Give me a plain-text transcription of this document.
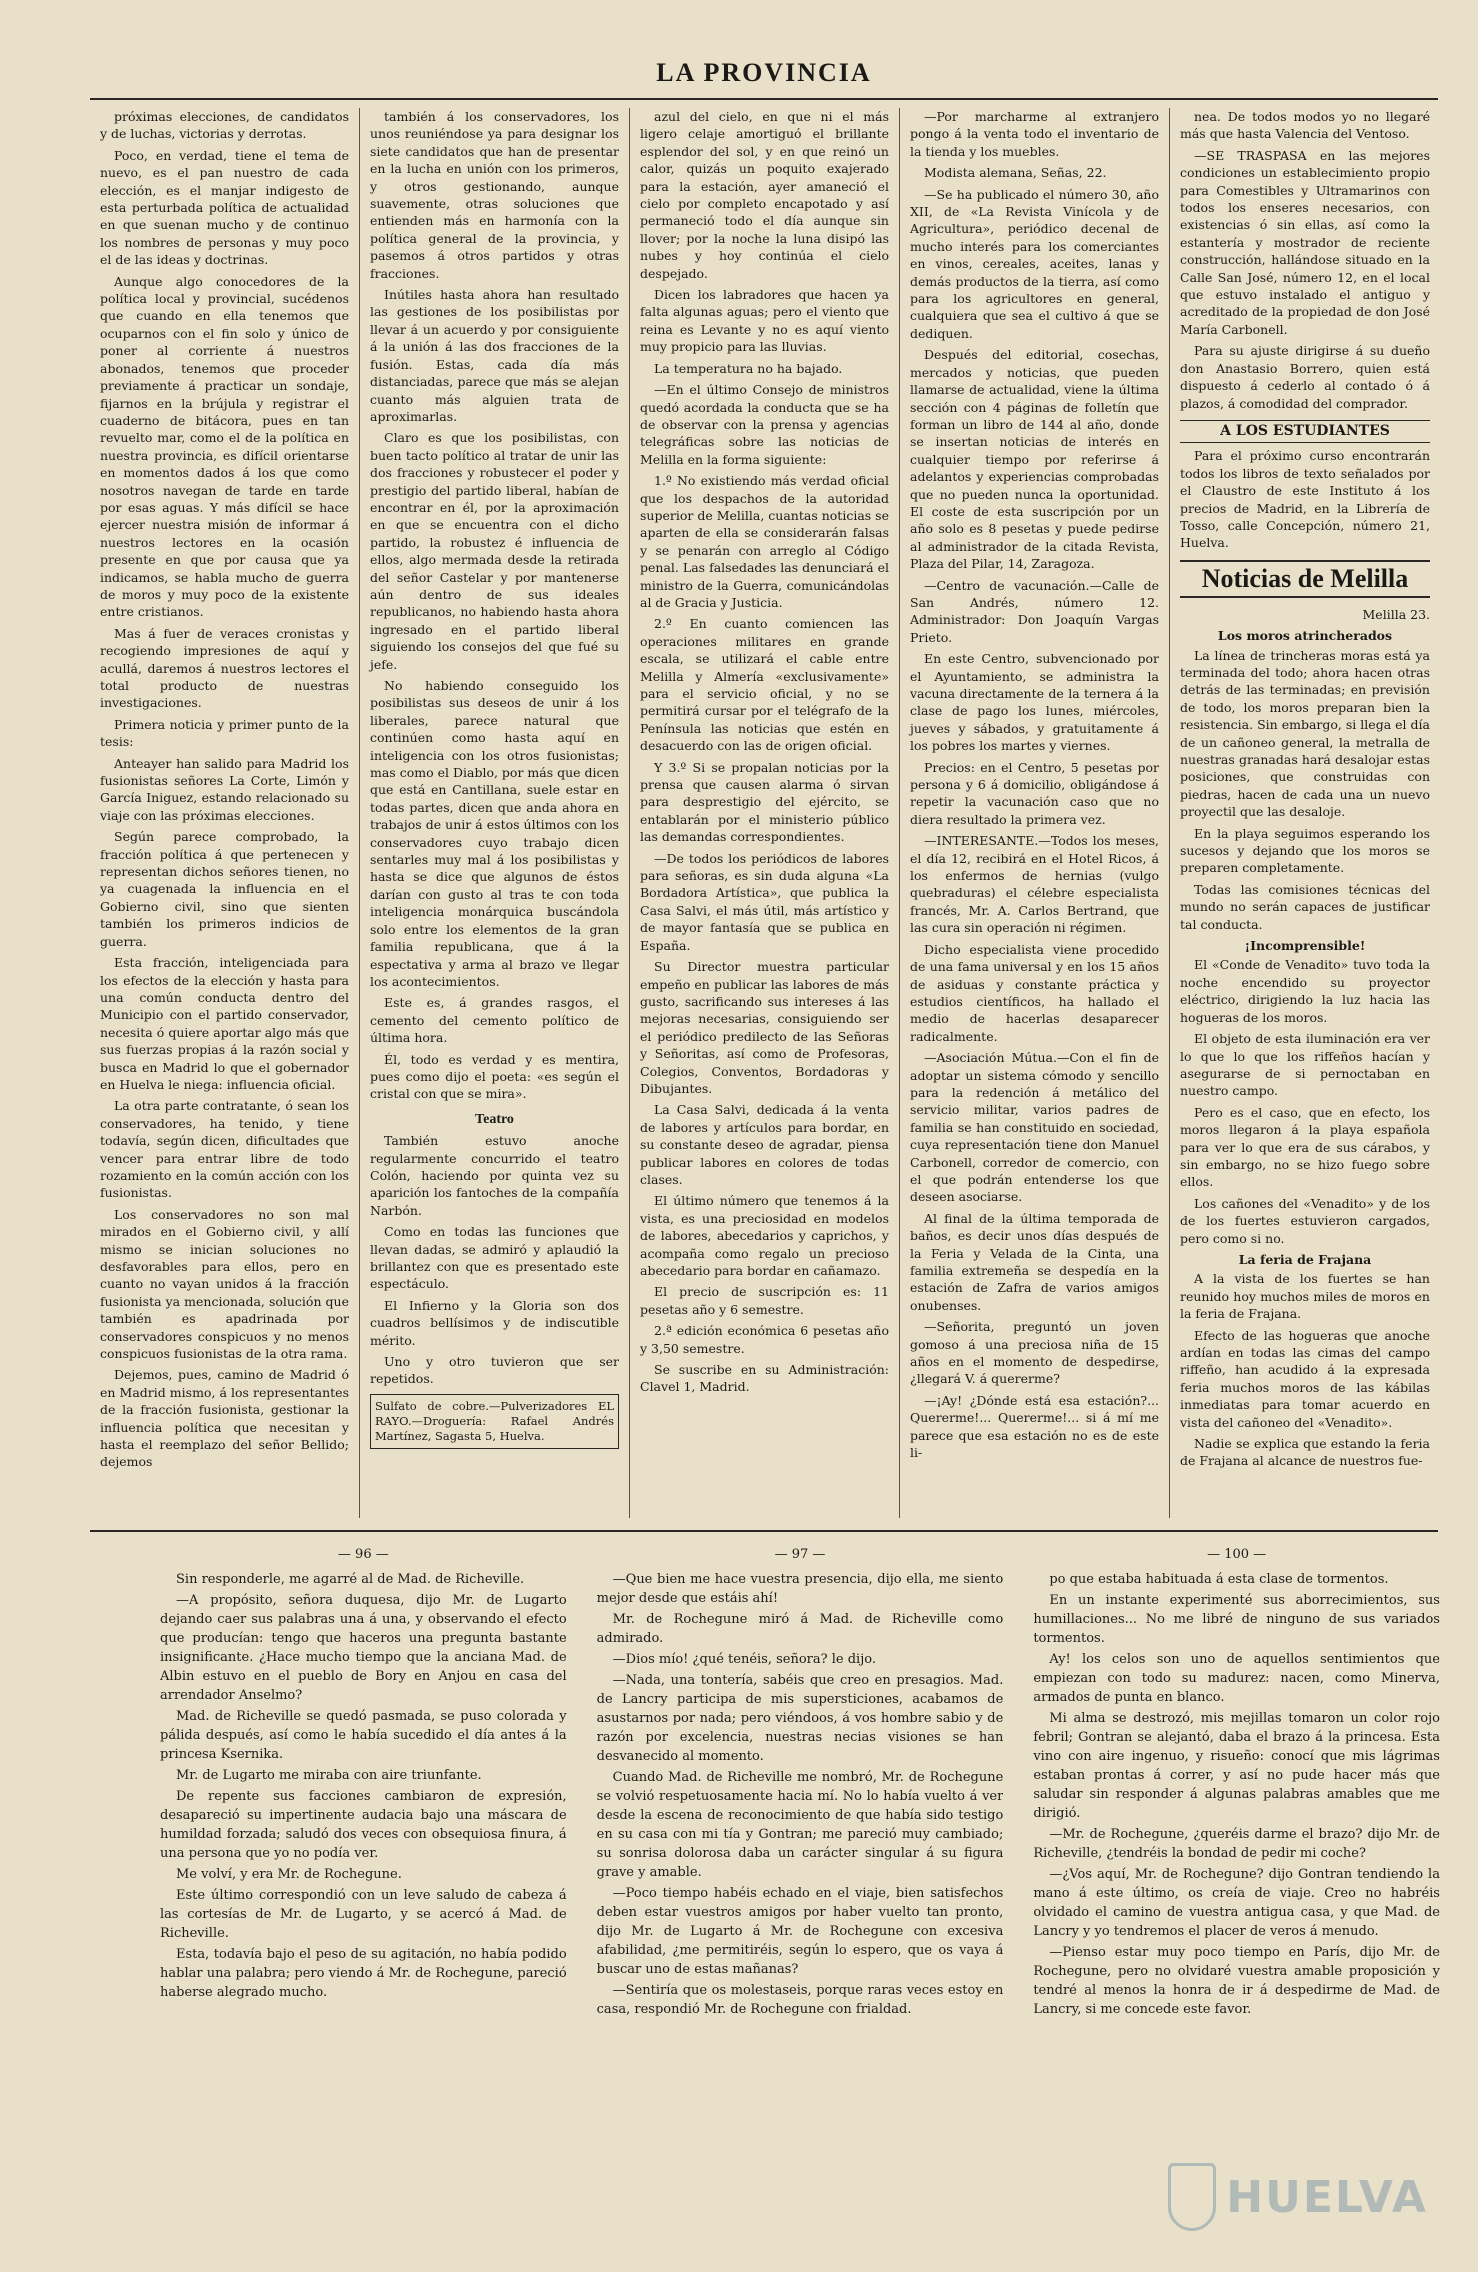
LA PROVINCIA

próximas elecciones, de candidatos y de luchas, victorias y derrotas.

Poco, en verdad, tiene el tema de nuevo, es el pan nuestro de cada elección, es el manjar indigesto de esta perturbada política de actualidad en que suenan mucho y de continuo los nombres de personas y muy poco el de las ideas y doctrinas.

Aunque algo conocedores de la política local y provincial, sucédenos que cuando en ella tenemos que ocuparnos con el fin solo y único de poner al corriente á nuestros abonados, tenemos que proceder previamente á practicar un sondaje, fijarnos en la brújula y registrar el cuaderno de bitácora, pues en tan revuelto mar, como el de la política en nuestra provincia, es difícil orientarse en momentos dados á los que como nosotros navegan de tarde en tarde por esas aguas. Y más difícil se hace ejercer nuestra misión de informar á nuestros lectores en la ocasión presente en que por causa que ya indicamos, se habla mucho de guerra de moros y muy poco de la existente entre cristianos.

Mas á fuer de veraces cronistas y recogiendo impresiones de aquí y acullá, daremos á nuestros lectores el total producto de nuestras investigaciones.

Primera noticia y primer punto de la tesis:

Anteayer han salido para Madrid los fusionistas señores La Corte, Limón y García Iniguez, estando relacionado su viaje con las próximas elecciones.

Según parece comprobado, la fracción política á que pertenecen y representan dichos señores tienen, no ya cuagenada la influencia en el Gobierno civil, sino que sienten también los primeros indicios de guerra.

Esta fracción, inteligenciada para los efectos de la elección y hasta para una común conducta dentro del Municipio con el partido conservador, necesita ó quiere aportar algo más que sus fuerzas propias á la razón social y busca en Madrid lo que el gobernador en Huelva le niega: influencia oficial.

La otra parte contratante, ó sean los conservadores, ha tenido, y tiene todavía, según dicen, dificultades que vencer para entrar libre de todo rozamiento en la común acción con los fusionistas.

Los conservadores no son mal mirados en el Gobierno civil, y allí mismo se inician soluciones no desfavorables para ellos, pero en cuanto no vayan unidos á la fracción fusionista ya mencionada, solución que también es apadrinada por conservadores conspicuos y no menos conspicuos fusionistas de la otra rama.

Dejemos, pues, camino de Madrid ó en Madrid mismo, á los representantes de la fracción fusionista, gestionar la influencia política que necesitan y hasta el reemplazo del señor Bellido; dejemos

también á los conservadores, los unos reuniéndose ya para designar los siete candidatos que han de presentar en la lucha en unión con los primeros, y otros gestionando, aunque suavemente, otras soluciones que entienden más en harmonía con la política general de la provincia, y pasemos á otros partidos y otras fracciones.

Inútiles hasta ahora han resultado las gestiones de los posibilistas por llevar á un acuerdo y por consiguiente á la unión á las dos fracciones de la fusión. Estas, cada día más distanciadas, parece que más se alejan cuanto más alguien trata de aproximarlas.

Claro es que los posibilistas, con buen tacto político al tratar de unir las dos fracciones y robustecer el poder y prestigio del partido liberal, habían de encontrar en él, por la aproximación en que se encuentra con el dicho partido, la robustez é influencia de ellos, algo mermada desde la retirada del señor Castelar y por mantenerse aún dentro de sus ideales republicanos, no habiendo hasta ahora ingresado en el partido liberal siguiendo los consejos del que fué su jefe.

No habiendo conseguido los posibilistas sus deseos de unir á los liberales, parece natural que continúen como hasta aquí en inteligencia con los otros fusionistas; mas como el Diablo, por más que dicen que está en Cantillana, suele estar en todas partes, dicen que anda ahora en trabajos de unir á estos últimos con los conservadores cuyo trabajo dicen sentarles muy mal á los posibilistas y hasta se dice que algunos de éstos darían con gusto al tras te con toda inteligencia monárquica buscándola solo entre los elementos de la gran familia republicana, que á la espectativa y arma al brazo ve llegar los acontecimientos.

Este es, á grandes rasgos, el cemento del cemento político de última hora.

Él, todo es verdad y es mentira, pues como dijo el poeta: «es según el cristal con que se mira».

Teatro

También estuvo anoche regularmente concurrido el teatro Colón, haciendo por quinta vez su aparición los fantoches de la compañía Narbón.

Como en todas las funciones que llevan dadas, se admiró y aplaudió la brillantez con que es presentado este espectáculo.

El Infierno y la Gloria son dos cuadros bellísimos y de indiscutible mérito.

Uno y otro tuvieron que ser repetidos.

Sulfato de cobre.—Pulverizadores EL RAYO.—Droguería: Rafael Andrés Martínez, Sagasta 5, Huelva.

azul del cielo, en que ni el más ligero celaje amortiguó el brillante esplendor del sol, y en que reinó un calor, quizás un poquito exajerado para la estación, ayer amaneció el cielo por completo encapotado y así permaneció todo el día aunque sin llover; por la noche la luna disipó las nubes y hoy continúa el cielo despejado.

Dicen los labradores que hacen ya falta algunas aguas; pero el viento que reina es Levante y no es aquí viento muy propicio para las lluvias.

La temperatura no ha bajado.

—En el último Consejo de ministros quedó acordada la conducta que se ha de observar con la prensa y agencias telegráficas sobre las noticias de Melilla en la forma siguiente:

1.º No existiendo más verdad oficial que los despachos de la autoridad superior de Melilla, cuantas noticias se aparten de ella se considerarán falsas y se penarán con arreglo al Código penal. Las falsedades las denunciará el ministro de la Guerra, comunicándolas al de Gracia y Justicia.

2.º En cuanto comiencen las operaciones militares en grande escala, se utilizará el cable entre Melilla y Almería «exclusivamente» para el servicio oficial, y no se permitirá cursar por el telégrafo de la Península las noticias que estén en desacuerdo con las de origen oficial.

Y 3.º Si se propalan noticias por la prensa que causen alarma ó sirvan para desprestigio del ejército, se entablarán por el ministerio público las demandas correspondientes.

—De todos los periódicos de labores para señoras, es sin duda alguna «La Bordadora Artística», que publica la Casa Salvi, el más útil, más artístico y de mayor fantasía que se publica en España.

Su Director muestra particular empeño en publicar las labores de más gusto, sacrificando sus intereses á las mejoras necesarias, consiguiendo ser el periódico predilecto de las Señoras y Señoritas, así como de Profesoras, Colegios, Conventos, Bordadoras y Dibujantes.

La Casa Salvi, dedicada á la venta de labores y artículos para bordar, en su constante deseo de agradar, piensa publicar labores en colores de todas clases.

El último número que tenemos á la vista, es una preciosidad en modelos de labores, abecedarios y caprichos, y acompaña como regalo un precioso abecedario para bordar en cañamazo.

El precio de suscripción es: 11 pesetas año y 6 semestre.

2.ª edición económica 6 pesetas año y 3,50 semestre.

Se suscribe en su Administración: Clavel 1, Madrid.

—Por marcharme al extranjero pongo á la venta todo el inventario de la tienda y los muebles.

Modista alemana, Señas, 22.

—Se ha publicado el número 30, año XII, de «La Revista Vinícola y de Agricultura», periódico decenal de mucho interés para los comerciantes en vinos, cereales, aceites, lanas y demás productos de la tierra, así como para los agricultores en general, cualquiera que sea el cultivo á que se dediquen.

Después del editorial, cosechas, mercados y noticias, que pueden llamarse de actualidad, viene la última sección con 4 páginas de folletín que forman un libro de 144 al año, donde se insertan noticias de interés en cualquier tiempo por referirse á adelantos y experiencias comprobadas que no pueden nunca la oportunidad. El coste de esta suscripción por un año solo es 8 pesetas y puede pedirse al administrador de la citada Revista, Plaza del Pilar, 14, Zaragoza.

—Centro de vacunación.—Calle de San Andrés, número 12. Administrador: Don Joaquín Vargas Prieto.

En este Centro, subvencionado por el Ayuntamiento, se administra la vacuna directamente de la ternera á la clase de pago los lunes, miércoles, jueves y sábados, y gratuitamente á los pobres los martes y viernes.

Precios: en el Centro, 5 pesetas por persona y 6 á domicilio, obligándose á repetir la vacunación caso que no diera resultado la primera vez.

—INTERESANTE.—Todos los meses, el día 12, recibirá en el Hotel Ricos, á los enfermos de hernias (vulgo quebraduras) el célebre especialista francés, Mr. A. Carlos Bertrand, que las cura sin operación ni régimen.

Dicho especialista viene procedido de una fama universal y en los 15 años de asiduas y constante práctica y estudios científicos, ha hallado el medio de hacerlas desaparecer radicalmente.

—Asociación Mútua.—Con el fin de adoptar un sistema cómodo y sencillo para la redención á metálico del servicio militar, varios padres de familia se han constituido en sociedad, cuya representación tiene don Manuel Carbonell, corredor de comercio, con el que podrán entenderse los que deseen asociarse.

Al final de la última temporada de baños, es decir unos días después de la Feria y Velada de la Cinta, una familia extremeña se despedía en la estación de Zafra de varios amigos onubenses.

—Señorita, preguntó un joven gomoso á una preciosa niña de 15 años en el momento de despedirse, ¿llegará V. á quererme?

—¡Ay! ¿Dónde está esa estación?... Quererme!... Quererme!... si á mí me parece que esa estación no es de este li-

nea. De todos modos yo no llegaré más que hasta Valencia del Ventoso.

—SE TRASPASA en las mejores condiciones un establecimiento propio para Comestibles y Ultramarinos con todos los enseres necesarios, con existencias ó sin ellas, así como la estantería y mostrador de reciente construcción, hallándose situado en la Calle San José, número 12, en el local que estuvo instalado el antiguo y acreditado de la propiedad de don José María Carbonell.

Para su ajuste dirigirse á su dueño don Anastasio Borrero, quien está dispuesto á cederlo al contado ó á plazos, á comodidad del comprador.

A LOS ESTUDIANTES

Para el próximo curso encontrarán todos los libros de texto señalados por el Claustro de este Instituto á los precios de Madrid, en la Librería de Tosso, calle Concepción, número 21, Huelva.

Noticias de Melilla

Melilla 23.

Los moros atrincherados

La línea de trincheras moras está ya terminada del todo; ahora hacen otras detrás de las terminadas; en previsión de todo, los moros preparan bien la resistencia. Sin embargo, si llega el día de un cañoneo general, la metralla de nuestras granadas hará desalojar estas posiciones, que construidas con piedras, hacen de cada una un nuevo proyectil que las desaloje.

En la playa seguimos esperando los sucesos y dejando que los moros se preparen completamente.

Todas las comisiones técnicas del mundo no serán capaces de justificar tal conducta.

¡Incomprensible!

El «Conde de Venadito» tuvo toda la noche encendido su proyector eléctrico, dirigiendo la luz hacia las hogueras de los moros.

El objeto de esta iluminación era ver lo que lo que los riffeños hacían y asegurarse de si pernoctaban en nuestro campo.

Pero es el caso, que en efecto, los moros llegaron á la playa española para ver lo que era de sus cárabos, y sin embargo, no se hizo fuego sobre ellos.

Los cañones del «Venadito» y de los de los fuertes estuvieron cargados, pero como si no.

La feria de Frajana

A la vista de los fuertes se han reunido hoy muchos miles de moros en la feria de Frajana.

Efecto de las hogueras que anoche ardían en todas las cimas del campo riffeño, han acudido á la expresada feria muchos moros de las kábilas inmediatas para tomar acuerdo en vista del cañoneo del «Venadito».

Nadie se explica que estando la feria de Frajana al alcance de nuestros fue-

— 96 —

Sin responderle, me agarré al de Mad. de Richeville.

—A propósito, señora duquesa, dijo Mr. de Lugarto dejando caer sus palabras una á una, y observando el efecto que producían: tengo que haceros una pregunta bastante insignificante. ¿Hace mucho tiempo que la anciana Mad. de Albin estuvo en el pueblo de Bory en Anjou en casa del arrendador Anselmo?

Mad. de Richeville se quedó pasmada, se puso colorada y pálida después, así como le había sucedido el día antes á la princesa Ksernika.

Mr. de Lugarto me miraba con aire triunfante.

De repente sus facciones cambiaron de expresión, desapareció su impertinente audacia bajo una máscara de humildad forzada; saludó dos veces con obsequiosa finura, á una persona que yo no podía ver.

Me volví, y era Mr. de Rochegune.

Este último correspondió con un leve saludo de cabeza á las cortesías de Mr. de Lugarto, y se acercó á Mad. de Richeville.

Esta, todavía bajo el peso de su agitación, no había podido hablar una palabra; pero viendo á Mr. de Rochegune, pareció haberse alegrado mucho.

— 97 —

—Que bien me hace vuestra presencia, dijo ella, me siento mejor desde que estáis ahí!

Mr. de Rochegune miró á Mad. de Richeville como admirado.

—Dios mío! ¿qué tenéis, señora? le dijo.

—Nada, una tontería, sabéis que creo en presagios. Mad. de Lancry participa de mis supersticiones, acabamos de asustarnos por nada; pero viéndoos, á vos hombre sabio y de razón por excelencia, nuestras necias visiones se han desvanecido al momento.

Cuando Mad. de Richeville me nombró, Mr. de Rochegune se volvió respetuosamente hacia mí. No lo había vuelto á ver desde la escena de reconocimiento de que había sido testigo en su casa con mi tía y Gontran; me pareció muy cambiado; su sonrisa dolorosa daba un carácter singular á su figura grave y amable.

—Poco tiempo habéis echado en el viaje, bien satisfechos deben estar vuestros amigos por haber vuelto tan pronto, dijo Mr. de Lugarto á Mr. de Rochegune con excesiva afabilidad, ¿me permitiréis, según lo espero, que os vaya á buscar uno de estas mañanas?

—Sentiría que os molestaseis, porque raras veces estoy en casa, respondió Mr. de Rochegune con frialdad.

— 100 —

po que estaba habituada á esta clase de tormentos.

En un instante experimenté sus aborrecimientos, sus humillaciones... No me libré de ninguno de sus variados tormentos.

Ay! los celos son uno de aquellos sentimientos que empiezan con todo su madurez: nacen, como Minerva, armados de punta en blanco.

Mi alma se destrozó, mis mejillas tomaron un color rojo febril; Gontran se alejantó, daba el brazo á la princesa. Esta vino con aire ingenuo, y risueño: conocí que mis lágrimas estaban prontas á correr, y así no pude hacer más que saludar sin responder á algunas palabras amables que me dirigió.

—Mr. de Rochegune, ¿queréis darme el brazo? dijo Mr. de Richeville, ¿tendréis la bondad de pedir mi coche?

—¿Vos aquí, Mr. de Rochegune? dijo Gontran tendiendo la mano á este último, os creía de viaje. Creo no habréis olvidado el camino de vuestra antigua casa, y que Mad. de Lancry y yo tendremos el placer de veros á menudo.

—Pienso estar muy poco tiempo en París, dijo Mr. de Rochegune, pero no olvidaré vuestra amable proposición y tendré al menos la honra de ir á despedirme de Mad. de Lancry, si me concede este favor.

HUELVA
